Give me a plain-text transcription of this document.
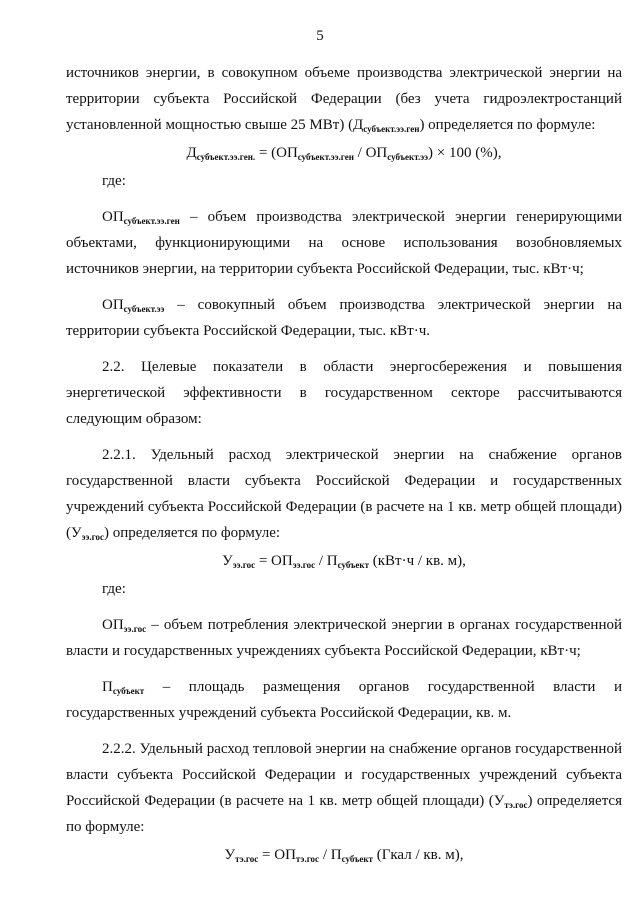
5

источников энергии, в совокупном объеме производства электрической энергии на территории субъекта Российской Федерации (без учета гидроэлектростанций установленной мощностью свыше 25 МВт) $(Д_{субъект.ээ.ген})$ определяется по формуле:

$Д_{субъект.ээ.ген.} = (ОП_{субъект.ээ.ген} / ОП_{субъект.ээ}) \times 100$ (%),

где:

$ОП_{субъект.ээ.ген}$ – объем производства электрической энергии генерирующими объектами, функционирующими на основе использования возобновляемых источников энергии, на территории субъекта Российской Федерации, тыс. кВт·ч;

$ОП_{субъект.ээ}$ – совокупный объем производства электрической энергии на территории субъекта Российской Федерации, тыс. кВт·ч.

2.2. Целевые показатели в области энергосбережения и повышения энергетической эффективности в государственном секторе рассчитываются следующим образом:

2.2.1. Удельный расход электрической энергии на снабжение органов государственной власти субъекта Российской Федерации и государственных учреждений субъекта Российской Федерации (в расчете на 1 кв. метр общей площади) $(У_{ээ.гос})$ определяется по формуле:

$У_{ээ.гос} = ОП_{ээ.гос} / П_{субъект}$ (кВт·ч / кв. м),

где:

$ОП_{ээ.гос}$ – объем потребления электрической энергии в органах государственной власти и государственных учреждениях субъекта Российской Федерации, кВт·ч;

$П_{субъект}$ – площадь размещения органов государственной власти и государственных учреждений субъекта Российской Федерации, кв. м.

2.2.2. Удельный расход тепловой энергии на снабжение органов государственной власти субъекта Российской Федерации и государственных учреждений субъекта Российской Федерации (в расчете на 1 кв. метр общей площади) $(У_{тэ.гос})$ определяется по формуле:

$У_{тэ.гос} = ОП_{тэ.гос} / П_{субъект}$ (Гкал / кв. м),
